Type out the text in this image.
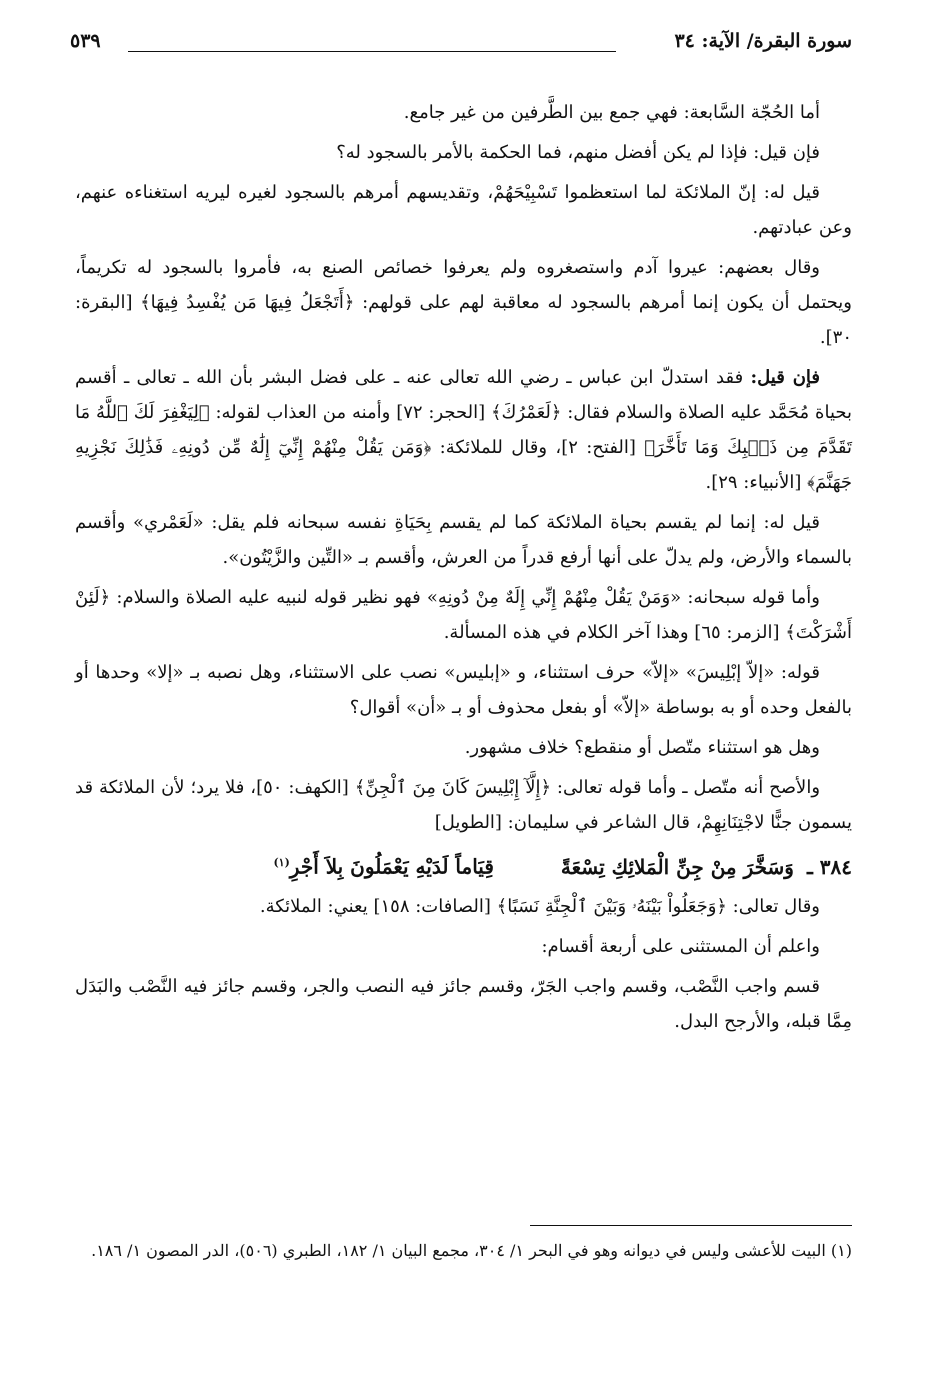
سورة البقرة/ الآية: ٣٤
٥٣٩

أما الحُجّة السَّابعة: فهي جمع بين الطَّرفين من غير جامع.

فإن قيل: فإذا لم يكن أفضل منهم، فما الحكمة بالأمر بالسجود له؟

قيل له: إنّ الملائكة لما استعظموا تَسْبِيْحَهُمْ، وتقديسهم أمرهم بالسجود لغيره ليريه استغناءه عنهم، وعن عبادتهم.

وقال بعضهم: عيروا آدم واستصغروه ولم يعرفوا خصائص الصنع به، فأمروا بالسجود له تكريماً، ويحتمل أن يكون إنما أمرهم بالسجود له معاقبة لهم على قولهم: ﴿أَتَجْعَلُ فِيهَا مَن يُفْسِدُ فِيهَا﴾ [البقرة: ٣٠].

فإن قيل: فقد استدلّ ابن عباس ـ رضي الله تعالى عنه ـ على فضل البشر بأن الله ـ تعالى ـ أقسم بحياة مُحَمَّد عليه الصلاة والسلام فقال: ﴿لَعَمْرُكَ﴾ [الحجر: ٧٢] وأمنه من العذاب لقوله: ﴿لِيَغْفِرَ لَكَ ٱللَّهُ مَا تَقَدَّمَ مِن ذَنۢبِكَ وَمَا تَأَخَّرَ﴾ [الفتح: ٢]، وقال للملائكة: ﴿وَمَن يَقُلْ مِنْهُمْ إِنِّيٓ إِلَٰهٌ مِّن دُونِهِۦ فَذَٰلِكَ نَجْزِيهِ جَهَنَّمَ﴾ [الأنبياء: ٢٩].

قيل له: إنما لم يقسم بحياة الملائكة كما لم يقسم بِحَيَاةِ نفسه سبحانه فلم يقل: «لَعَمْري» وأقسم بالسماء والأرض، ولم يدلّ على أنها أرفع قدراً من العرش، وأقسم بـ «التِّين والزَّيْتُون».

وأما قوله سبحانه: «وَمَنْ يَقُلْ مِنْهُمْ إِنِّي إِلَهٌ مِنْ دُونِهِ» فهو نظير قوله لنبيه عليه الصلاة والسلام: ﴿لَئِنْ أَشْرَكْتَ﴾ [الزمر: ٦٥] وهذا آخر الكلام في هذه المسألة.

قوله: «إلاّ إبْلِيسَ» «إلاّ» حرف استثناء، و «إبليس» نصب على الاستثناء، وهل نصبه بـ «إلا» وحدها أو بالفعل وحده أو به بوساطة «إلاّ» أو بفعل محذوف أو بـ «أن» أقوال؟

وهل هو استثناء متّصل أو منقطع؟ خلاف مشهور.

والأصح أنه متّصل ـ وأما قوله تعالى: ﴿إِلَّآ إِبْلِيسَ كَانَ مِنَ ٱلْجِنِّ﴾ [الكهف: ٥٠]، فلا يرد؛ لأن الملائكة قد يسمون جنًّا لاجْتِنَانِهِمْ، قال الشاعر في سليمان: [الطويل]

٣٨٤ ـ وَسَخَّرَ مِنْ جِنِّ الْمَلائِكِ تِسْعَةً قِيَاماً لَدَيْهِ يَعْمَلُونَ بِلاَ أَجْرِ$^{(١)}$

وقال تعالى: ﴿وَجَعَلُواْ بَيْنَهُۥ وَبَيْنَ ٱلْجِنَّةِ نَسَبًا﴾ [الصافات: ١٥٨] يعني: الملائكة.

واعلم أن المستثنى على أربعة أقسام:

قسم واجب النَّصْب، وقسم واجب الجَرّ، وقسم جائز فيه النصب والجر، وقسم جائز فيه النَّصْب والبَدَل مِمَّا قبله، والأرجح البدل.

(١) البيت للأعشى وليس في ديوانه وهو في البحر ١/ ٣٠٤، مجمع البيان ١/ ١٨٢، الطبري (٥٠٦)، الدر المصون ١/ ١٨٦.
